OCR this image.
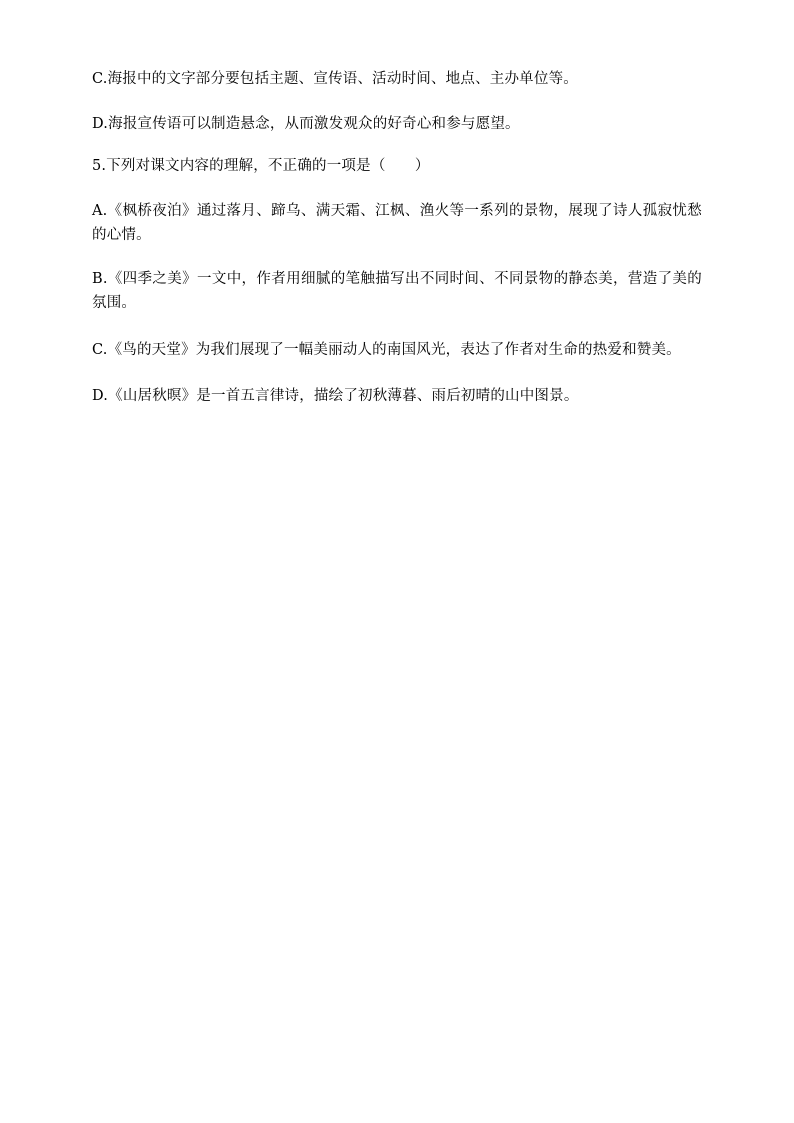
C.海报中的文字部分要包括主题、宣传语、活动时间、地点、主办单位等。
D.海报宣传语可以制造悬念，从而激发观众的好奇心和参与愿望。
5.下列对课文内容的理解，不正确的一项是（　　）
A.《枫桥夜泊》通过落月、蹄乌、满天霜、江枫、渔火等一系列的景物，展现了诗人孤寂忧愁的心情。
B.《四季之美》一文中，作者用细腻的笔触描写出不同时间、不同景物的静态美，营造了美的氛围。
C.《鸟的天堂》为我们展现了一幅美丽动人的南国风光，表达了作者对生命的热爱和赞美。
D.《山居秋暝》是一首五言律诗，描绘了初秋薄暮、雨后初晴的山中图景。
